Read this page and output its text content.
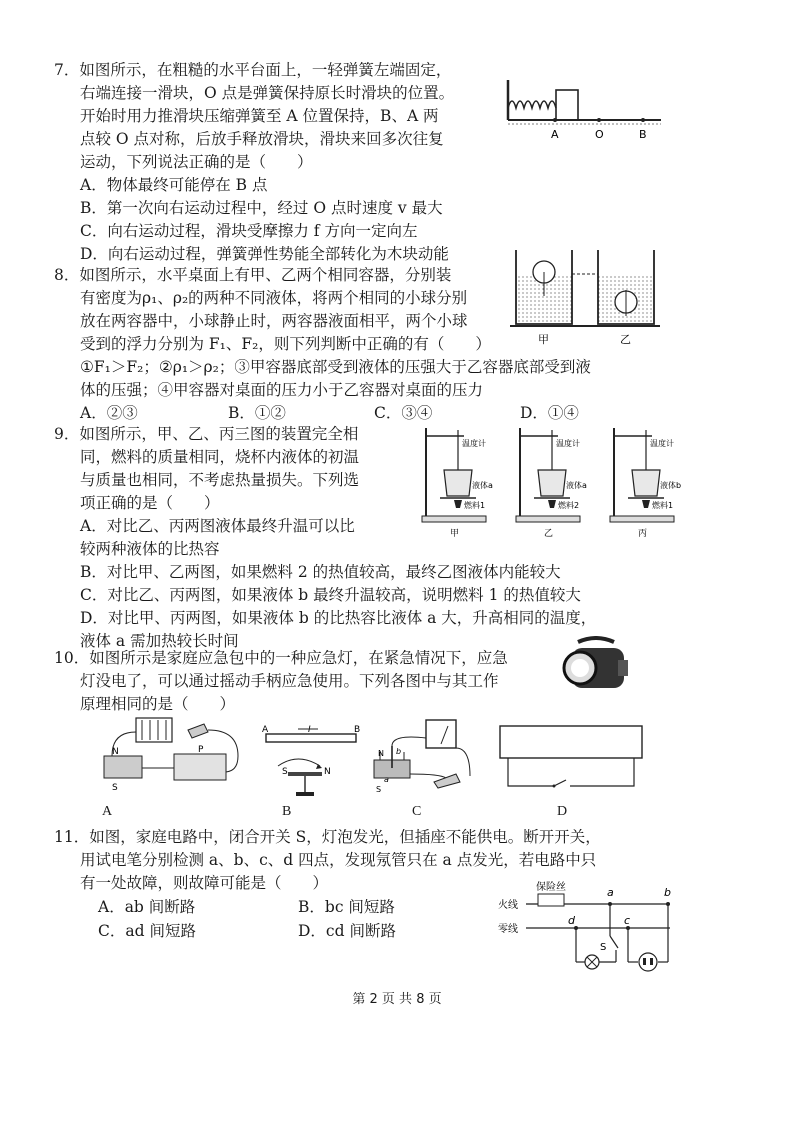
7．如图所示，在粗糙的水平台面上，一轻弹簧左端固定，
右端连接一滑块，O 点是弹簧保持原长时滑块的位置。
开始时用力推滑块压缩弹簧至 A 位置保持，B、A 两
点较 O 点对称，后放手释放滑块，滑块来回多次往复
运动，下列说法正确的是（　　）
A．物体最终可能停在 B 点
B．第一次向右运动过程中，经过 O 点时速度 v 最大
C．向右运动过程，滑块受摩擦力 f 方向一定向左
D．向右运动过程，弹簧弹性势能全部转化为木块动能
A	O	B
8．如图所示，水平桌面上有甲、乙两个相同容器，分别装
有密度为ρ₁、ρ₂的两种不同液体，将两个相同的小球分别
放在两容器中，小球静止时，两容器液面相平，两个小球
受到的浮力分别为 F₁、F₂，则下列判断中正确的有（　　）
①F₁＞F₂；②ρ₁＞ρ₂；③甲容器底部受到液体的压强大于乙容器底部受到液
体的压强；④甲容器对桌面的压力小于乙容器对桌面的压力
A．②③	B．①②	C．③④	D．①④
甲	乙
9．如图所示，甲、乙、丙三图的装置完全相
同，燃料的质量相同，烧杯内液体的初温
与质量也相同，不考虑热量损失。下列选
项正确的是（　　）
A．对比乙、丙两图液体最终升温可以比
较两种液体的比热容
B．对比甲、乙两图，如果燃料 2 的热值较高，最终乙图液体内能较大
C．对比乙、丙两图，如果液体 b 最终升温较高，说明燃料 1 的热值较大
D．对比甲、丙两图，如果液体 b 的比热容比液体 a 大，升高相同的温度，
液体 a 需加热较长时间
温度计
液体a
燃料1
甲
温度计
液体a
燃料2
乙
温度计
液体b
燃料1
丙
10．如图所示是家庭应急包中的一种应急灯，在紧急情况下，应急
灯没电了，可以通过摇动手柄应急使用。下列各图中与其工作
原理相同的是（　　）
N
S
P
A
A	B
I
S	N
B
N
S
b
a
C	D
11．如图，家庭电路中，闭合开关 S，灯泡发光，但插座不能供电。断开开关，
用试电笔分别检测 a、b、c、d 四点，发现氖管只在 a 点发光，若电路中只
有一处故障，则故障可能是（　　）
A．ab 间断路	B．bc 间短路
C．ad 间短路	D．cd 间断路
火线
零线
保险丝	a	b
d
S
c
第 2 页 共 8 页
